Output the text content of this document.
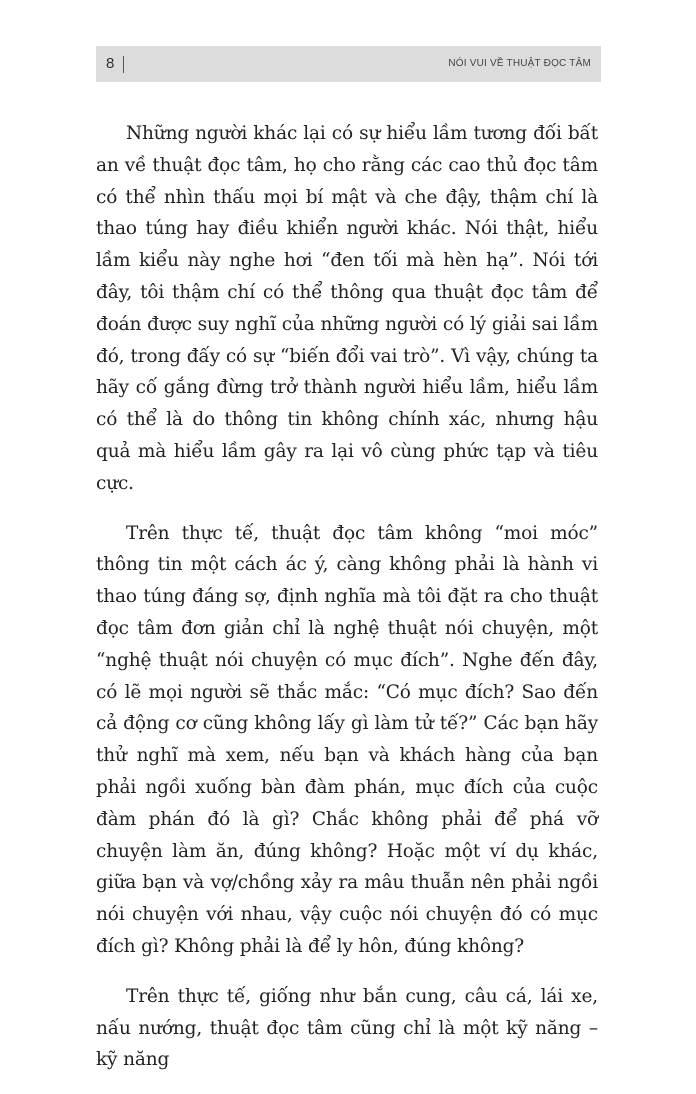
8	NÓI VUI VỀ THUẬT ĐỌC TÂM

Những người khác lại có sự hiểu lầm tương đối bất an về thuật đọc tâm, họ cho rằng các cao thủ đọc tâm có thể nhìn thấu mọi bí mật và che đậy, thậm chí là thao túng hay điều khiển người khác. Nói thật, hiểu lầm kiểu này nghe hơi “đen tối mà hèn hạ”. Nói tới đây, tôi thậm chí có thể thông qua thuật đọc tâm để đoán được suy nghĩ của những người có lý giải sai lầm đó, trong đấy có sự “biến đổi vai trò”. Vì vậy, chúng ta hãy cố gắng đừng trở thành người hiểu lầm, hiểu lầm có thể là do thông tin không chính xác, nhưng hậu quả mà hiểu lầm gây ra lại vô cùng phức tạp và tiêu cực.

Trên thực tế, thuật đọc tâm không “moi móc” thông tin một cách ác ý, càng không phải là hành vi thao túng đáng sợ, định nghĩa mà tôi đặt ra cho thuật đọc tâm đơn giản chỉ là nghệ thuật nói chuyện, một “nghệ thuật nói chuyện có mục đích”. Nghe đến đây, có lẽ mọi người sẽ thắc mắc: “Có mục đích? Sao đến cả động cơ cũng không lấy gì làm tử tế?” Các bạn hãy thử nghĩ mà xem, nếu bạn và khách hàng của bạn phải ngồi xuống bàn đàm phán, mục đích của cuộc đàm phán đó là gì? Chắc không phải để phá vỡ chuyện làm ăn, đúng không? Hoặc một ví dụ khác, giữa bạn và vợ/chồng xảy ra mâu thuẫn nên phải ngồi nói chuyện với nhau, vậy cuộc nói chuyện đó có mục đích gì? Không phải là để ly hôn, đúng không?

Trên thực tế, giống như bắn cung, câu cá, lái xe, nấu nướng, thuật đọc tâm cũng chỉ là một kỹ năng – kỹ năng
